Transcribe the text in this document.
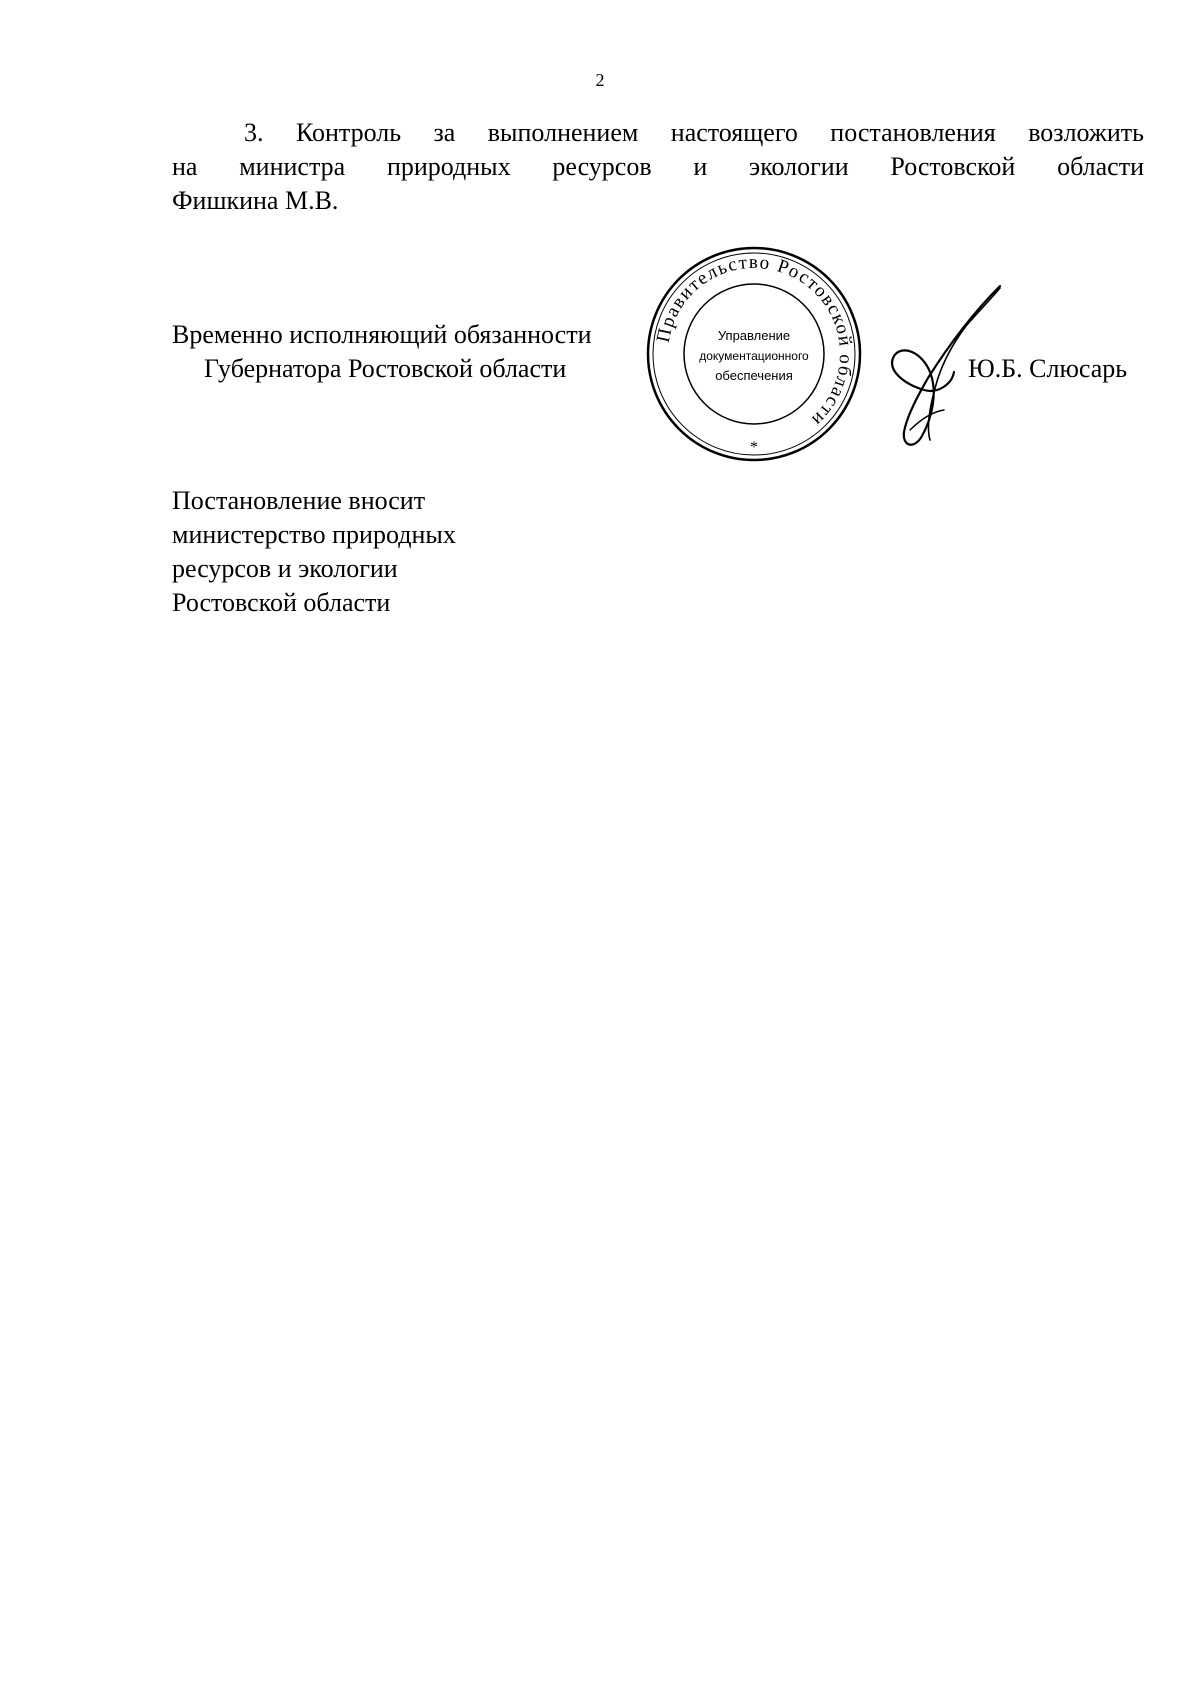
2
3. Контроль за выполнением настоящего постановления возложить
на министра природных ресурсов и экологии Ростовской области
Фишкина М.В.
Временно исполняющий обязанности
Губернатора Ростовской области
Правительство Ростовской области
Управление
документационного
обеспечения
*
Ю.Б. Слюсарь
Постановление вносит
министерство природных
ресурсов и экологии
Ростовской области
